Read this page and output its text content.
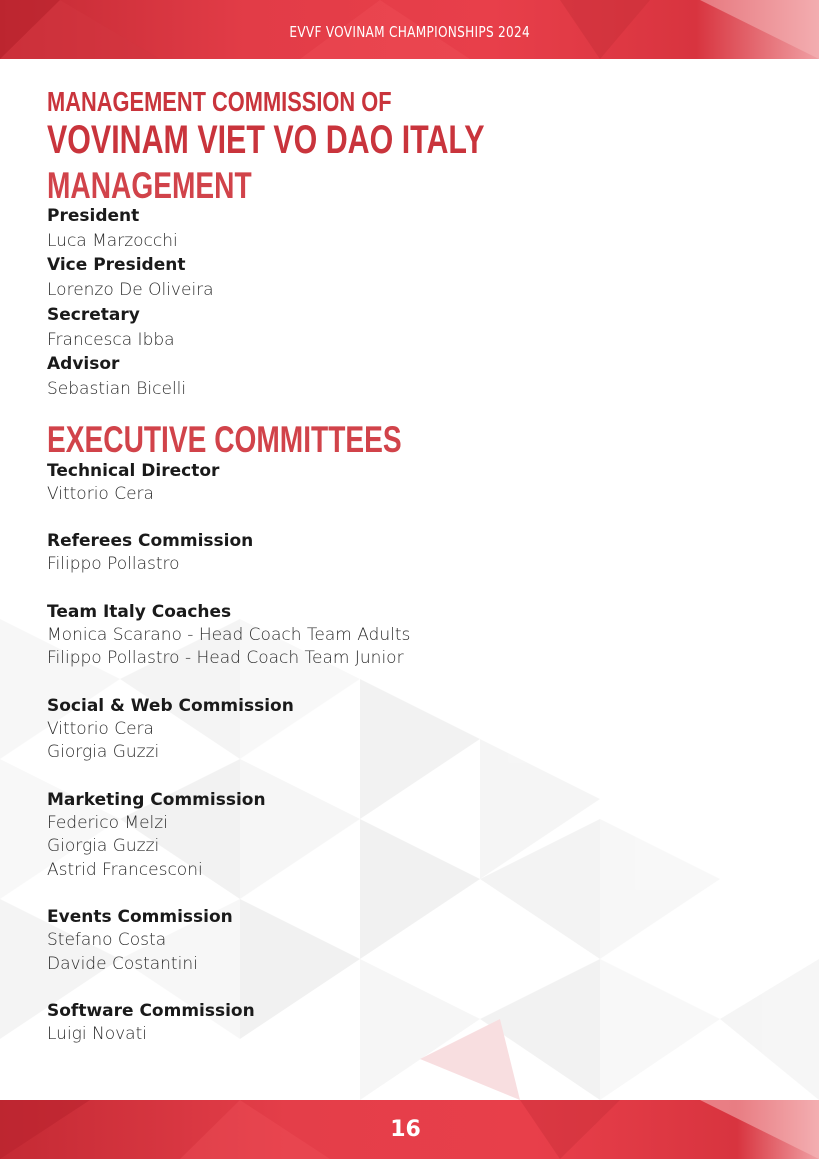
EVVF VOVINAM CHAMPIONSHIPS 2024
MANAGEMENT COMMISSION OF
VOVINAM VIET VO DAO ITALY
MANAGEMENT
President
Luca Marzocchi
Vice President
Lorenzo De Oliveira
Secretary
Francesca Ibba
Advisor
Sebastian Bicelli
EXECUTIVE COMMITTEES
Technical Director
Vittorio Cera
Referees Commission
Filippo Pollastro
Team Italy Coaches
Monica Scarano - Head Coach Team Adults
Filippo Pollastro - Head Coach Team Junior
Social & Web Commission
Vittorio Cera
Giorgia Guzzi
Marketing Commission
Federico Melzi
Giorgia Guzzi
Astrid Francesconi
Events Commission
Stefano Costa
Davide Costantini
Software Commission
Luigi Novati
16
